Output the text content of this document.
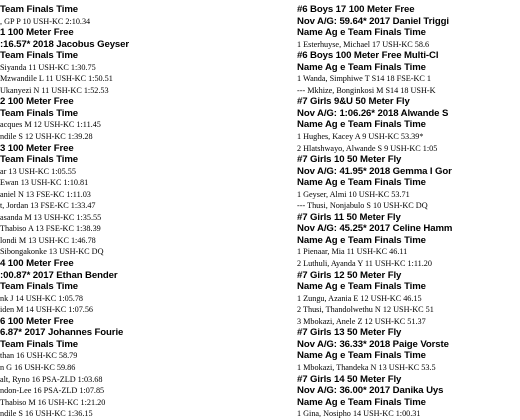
Team Finals Time
, GP P 10 USH-KC 2:10.34
1 100 Meter Free
:16.57* 2018 Jacobus Geyser
Team Finals Time
Siyanda 11 USH-KC 1:30.75
Mzwandile L 11 USH-KC 1:50.51
Ukanyezi N 11 USH-KC 1:52.53
2 100 Meter Free
Team Finals Time
acques M 12 USH-KC 1:11.45
ndile S 12 USH-KC 1:39.28
3 100 Meter Free
Team Finals Time
ar 13 USH-KC 1:05.55
Ewan 13 USH-KC 1:10.81
aniel N 13 FSE-KC 1:11.03
t, Jordan 13 FSE-KC 1:33.47
asanda M 13 USH-KC 1:35.55
Thabiso A 13 FSE-KC 1:38.39
londi M 13 USH-KC 1:46.78
Sibongakonke 13 USH-KC DQ
4 100 Meter Free
:00.87* 2017 Ethan Bender
Team Finals Time
nk J 14 USH-KC 1:05.78
iden M 14 USH-KC 1:07.56
6 100 Meter Free
6.87* 2017 Johannes Fourie
Team Finals Time
than 16 USH-KC 58.79
n G 16 USH-KC 59.86
alt, Ryno 16 PSA-ZLD 1:03.68
ndon-Lee 16 PSA-ZLD 1:07.85
Thabiso M 16 USH-KC 1:21.20
ndile S 16 USH-KC 1:36.15
#6 Boys 17 100 Meter Free
Nov A/G: 59.64* 2017 Daniel Triggi
Name Ag e Team Finals Time
1 Esterhuyse, Michael 17 USH-KC 58.6
#6 Boys 100 Meter Free Multi-Cl
Name Ag e Team Finals Time
1 Wanda, Simphiwe T S14 18 FSE-KC 1
--- Mkhize, Bonginkosi M S14 18 USH-K
#7 Girls 9&U 50 Meter Fly
Nov A/G: 1:06.26* 2018 Alwande S
Name Ag e Team Finals Time
1 Hughes, Kacey A 9 USH-KC 53.39*
2 Hlatshwayo, Alwande S 9 USH-KC 1:05
#7 Girls 10 50 Meter Fly
Nov A/G: 41.95* 2018 Gemma I Gor
Name Ag e Team Finals Time
1 Geyser, Almi 10 USH-KC 53.71
--- Thusi, Nonjabulo S 10 USH-KC DQ
#7 Girls 11 50 Meter Fly
Nov A/G: 45.25* 2017 Celine Hamm
Name Ag e Team Finals Time
1 Pienaar, Mia 11 USH-KC 46.11
2 Luthuli, Ayanda Y 11 USH-KC 1:11.20
#7 Girls 12 50 Meter Fly
Name Ag e Team Finals Time
1 Zungu, Azania E 12 USH-KC 46.15
2 Thusi, Thandolwethu N 12 USH-KC 51
3 Mbokazi, Anele Z 12 USH-KC 51.37
#7 Girls 13 50 Meter Fly
Nov A/G: 36.33* 2018 Paige Vorste
Name Ag e Team Finals Time
1 Mbokazi, Thandeka N 13 USH-KC 53.5
#7 Girls 14 50 Meter Fly
Nov A/G: 36.00* 2017 Danika Uys
Name Ag e Team Finals Time
1 Gina, Nosipho 14 USH-KC 1:00.31
